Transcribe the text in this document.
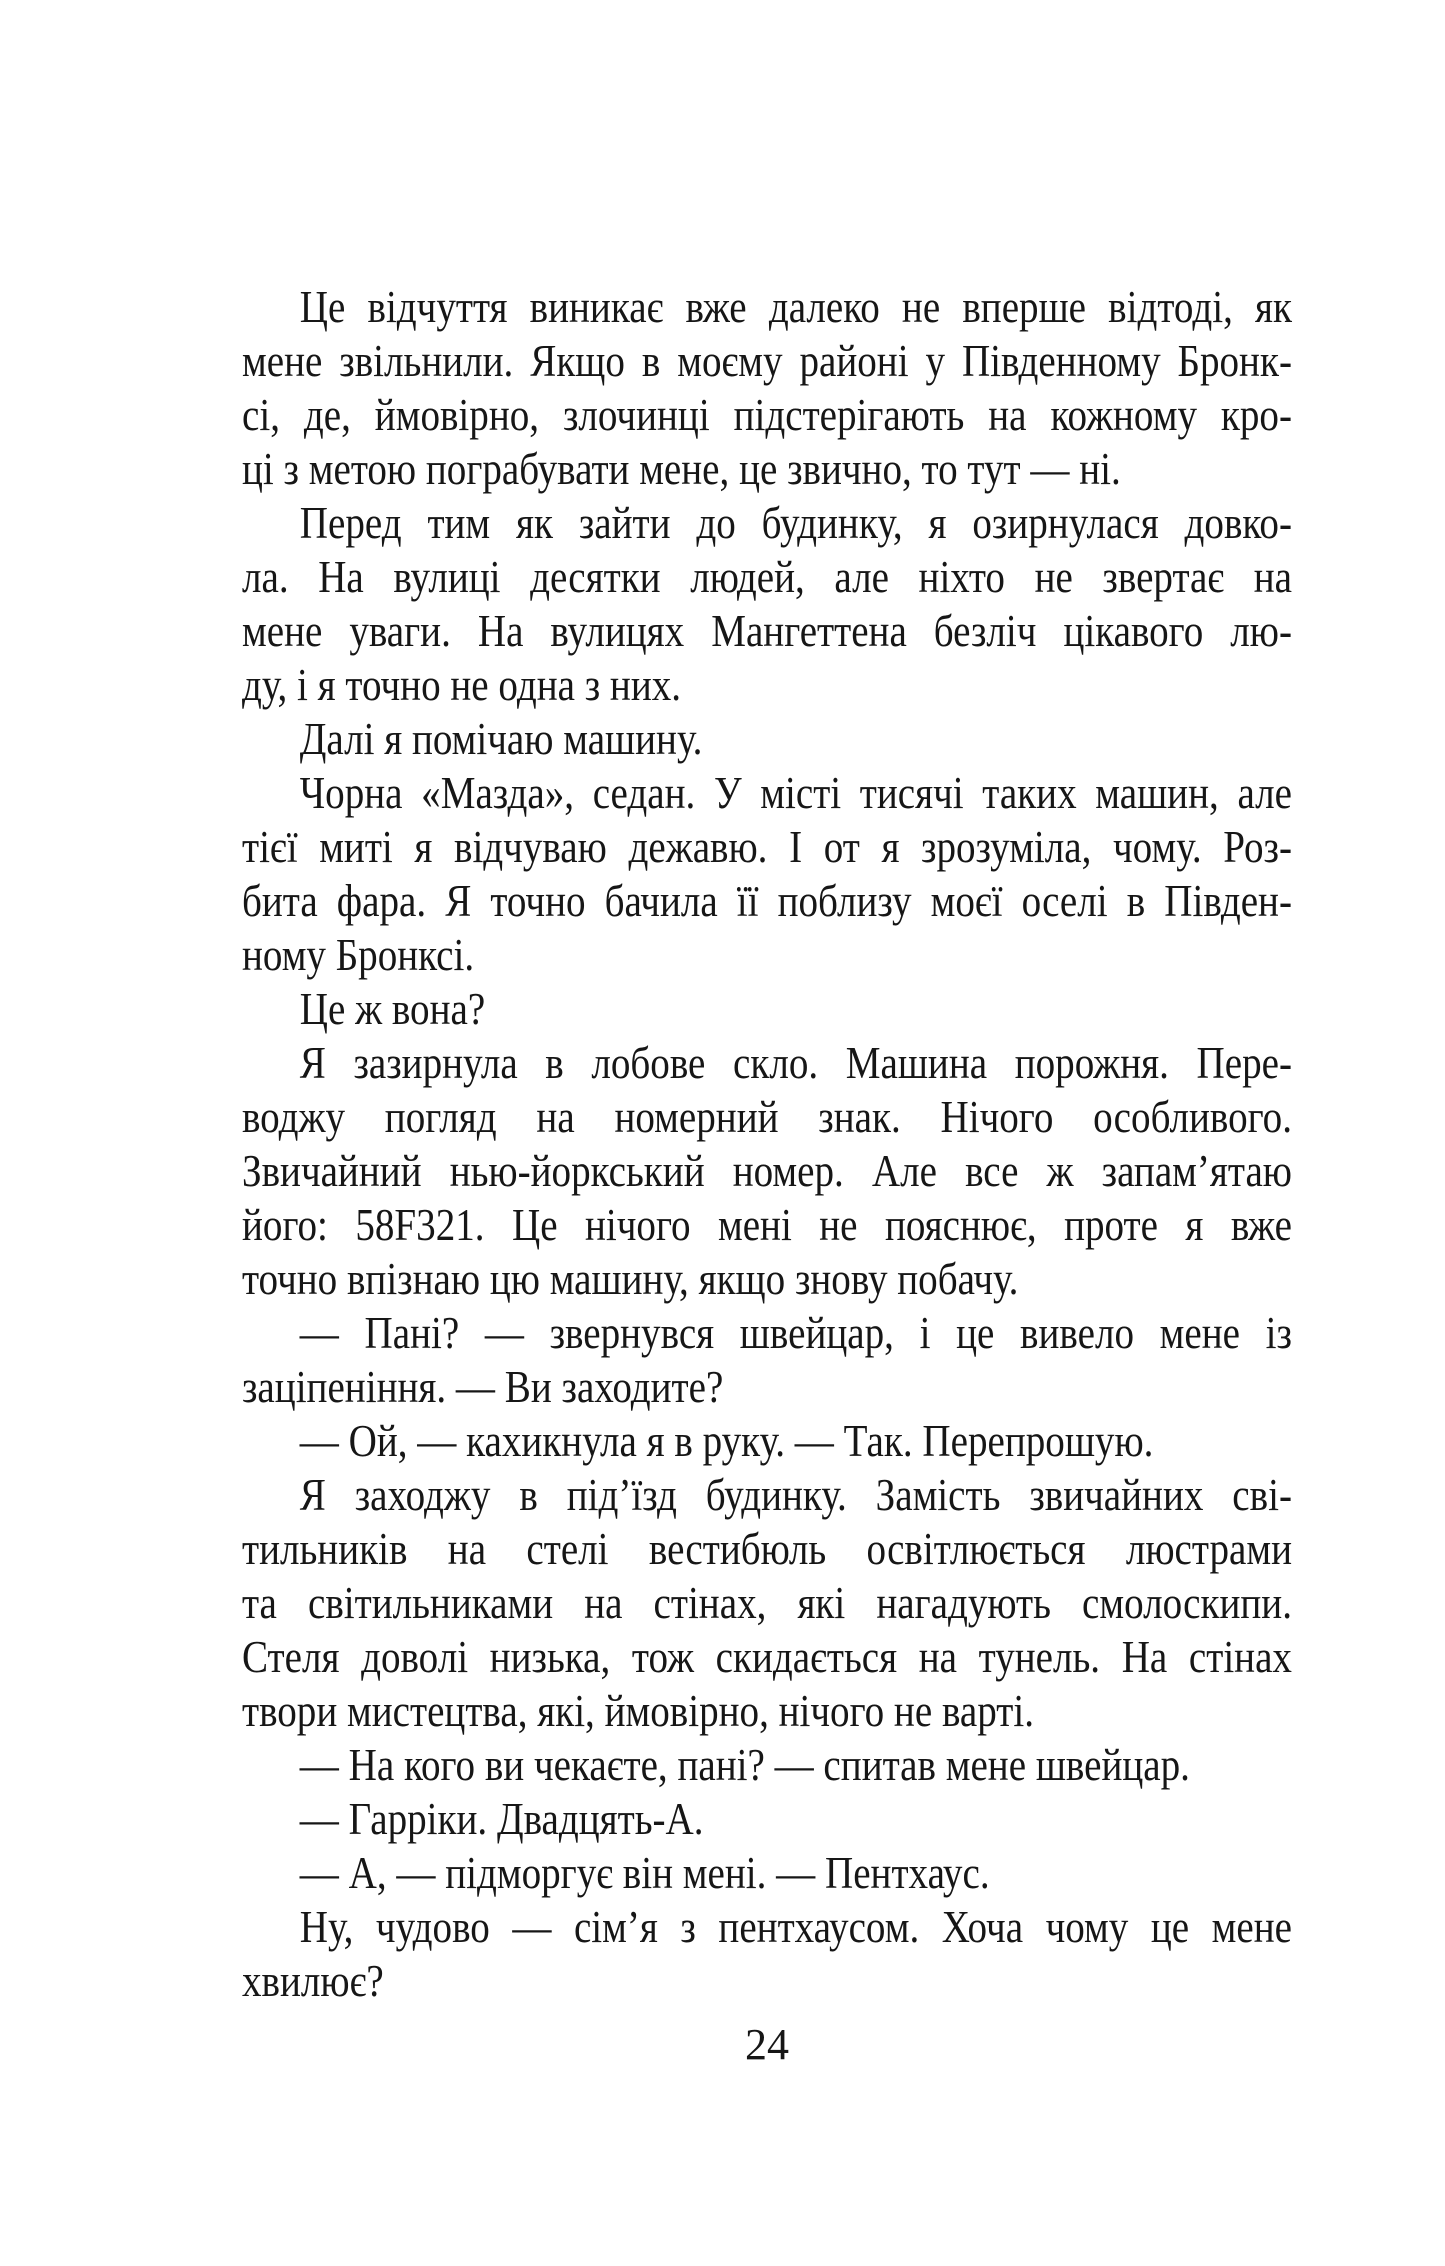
Це відчуття виникає вже далеко не вперше відтоді, як
мене звільнили. Якщо в моєму районі у Південному Бронк-
сі, де, ймовірно, злочинці підстерігають на кожному кро-
ці з метою пограбувати мене, це звично, то тут — ні.
Перед тим як зайти до будинку, я озирнулася довко-
ла. На вулиці десятки людей, але ніхто не звертає на
мене уваги. На вулицях Мангеттена безліч цікавого лю-
ду, і я точно не одна з них.
Далі я помічаю машину.
Чорна «Мазда», седан. У місті тисячі таких машин, але
тієї миті я відчуваю дежавю. І от я зрозуміла, чому. Роз-
бита фара. Я точно бачила її поблизу моєї оселі в Півден-
ному Бронксі.
Це ж вона?
Я зазирнула в лобове скло. Машина порожня. Пере-
воджу погляд на номерний знак. Нічого особливого.
Звичайний нью-йоркський номер. Але все ж запам’ятаю
його: 58F321. Це нічого мені не пояснює, проте я вже
точно впізнаю цю машину, якщо знову побачу.
— Пані? — звернувся швейцар, і це вивело мене із
заціпеніння. — Ви заходите?
— Ой, — кахикнула я в руку. — Так. Перепрошую.
Я заходжу в під’їзд будинку. Замість звичайних сві-
тильників на стелі вестибюль освітлюється люстрами
та світильниками на стінах, які нагадують смолоскипи.
Стеля доволі низька, тож скидається на тунель. На стінах
твори мистецтва, які, ймовірно, нічого не варті.
— На кого ви чекаєте, пані? — спитав мене швейцар.
— Гарріки. Двадцять-А.
— А, — підморгує він мені. — Пентхаус.
Ну, чудово — сім’я з пентхаусом. Хоча чому це мене
хвилює?
24
